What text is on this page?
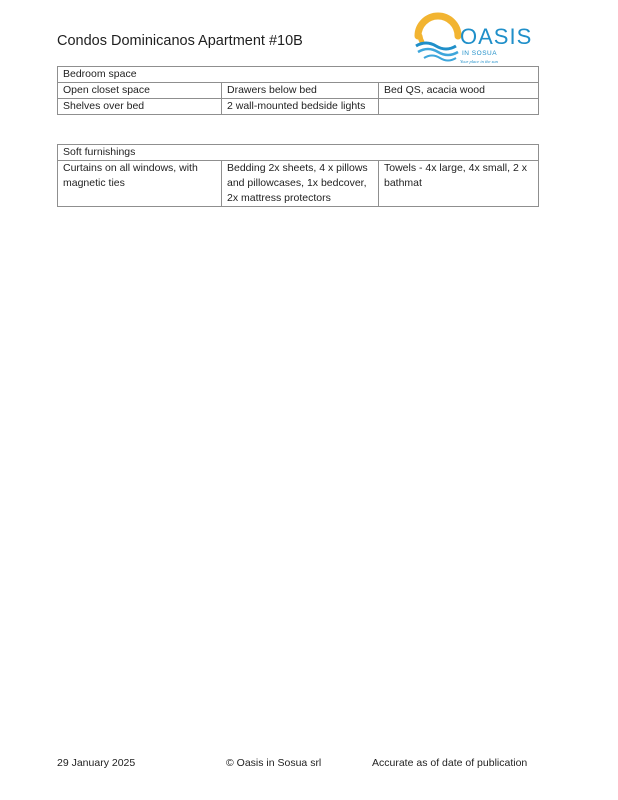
Condos Dominicanos Apartment #10B	OASIS
IN SOSUA
Your place in the sun
Bedroom space		
Open closet space	Drawers below bed	Bed QS, acacia wood
Shelves over bed	2 wall-mounted bedside lights	
Soft furnishings
Curtains on all windows, with magnetic ties	Bedding 2x sheets, 4 x pillows and pillowcases, 1x bedcover, 2x mattress protectors	Towels - 4x large, 4x small, 2 x bathmat
29 January 2025	© Oasis in Sosua srl	Accurate as of date of publication
